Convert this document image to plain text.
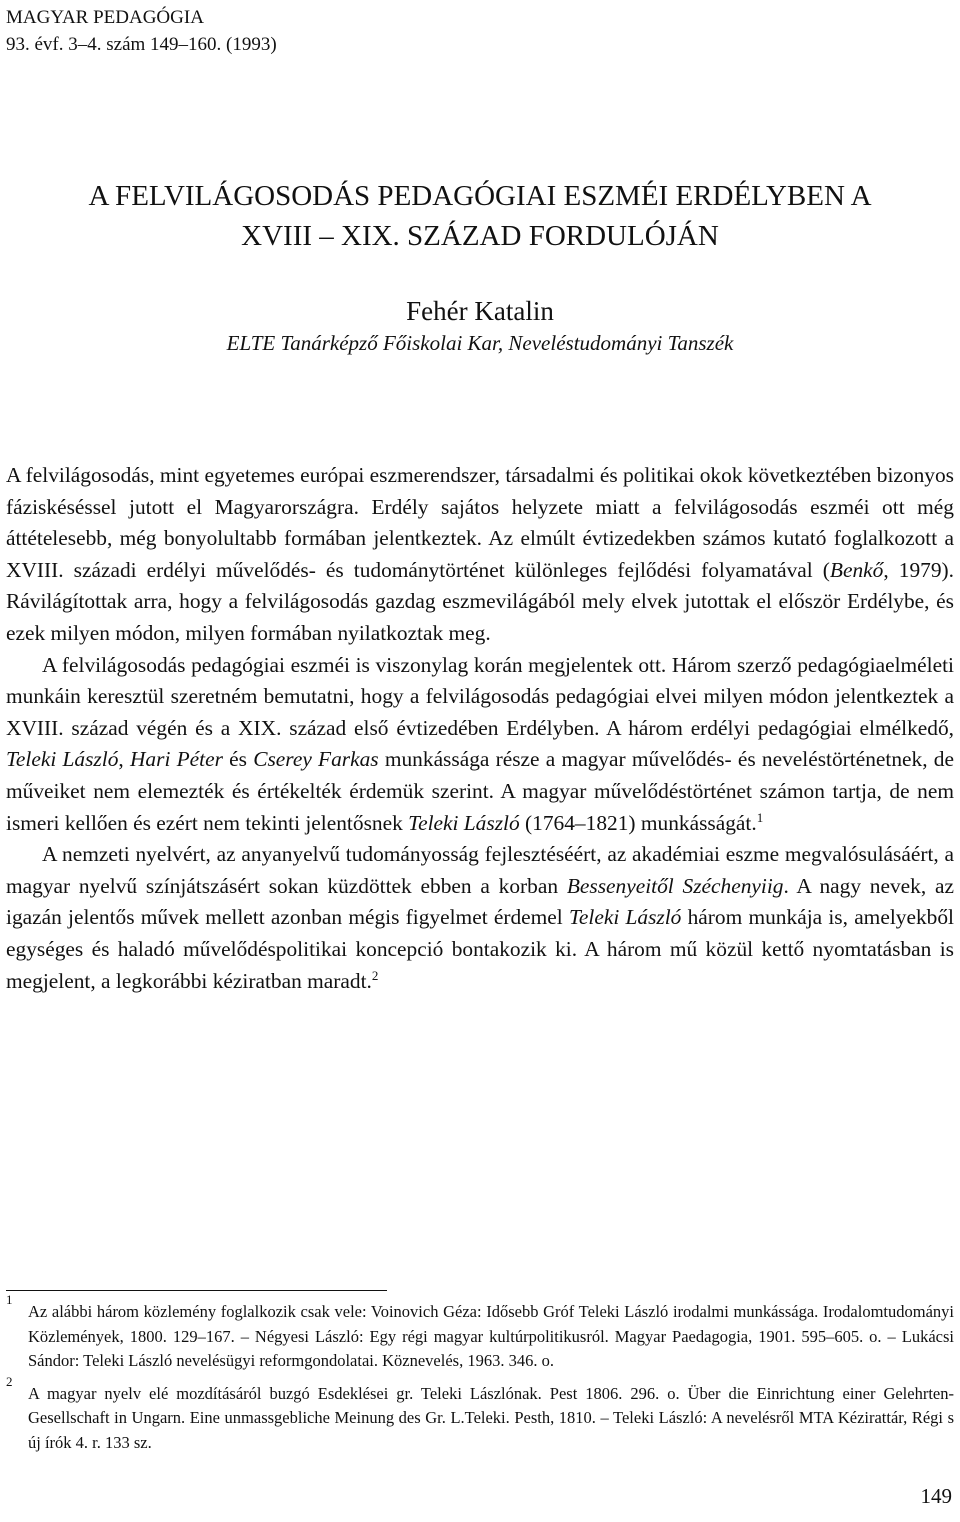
MAGYAR PEDAGÓGIA
93. évf. 3–4. szám 149–160. (1993)
A FELVILÁGOSODÁS PEDAGÓGIAI ESZMÉI ERDÉLYBEN A
XVIII – XIX. SZÁZAD FORDULÓJÁN
Fehér Katalin
ELTE Tanárképző Főiskolai Kar, Neveléstudományi Tanszék

A felvilágosodás, mint egyetemes európai eszmerendszer, társadalmi és politikai okok következtében bizonyos fáziskéséssel jutott el Magyarországra. Erdély sajátos helyzete miatt a felvilágosodás eszméi ott még áttételesebb, még bonyolultabb formában jelentkeztek. Az elmúlt évtizedekben számos kutató foglalkozott a XVIII. századi erdélyi művelődés- és tudománytörténet különleges fejlődési folyamatával (Benkő, 1979). Rávilágítottak arra, hogy a felvilágosodás gazdag eszmevilágából mely elvek jutottak el először Erdélybe, és ezek milyen módon, milyen formában nyilatkoztak meg.

A felvilágosodás pedagógiai eszméi is viszonylag korán megjelentek ott. Három szerző pedagógiaelméleti munkáin keresztül szeretném bemutatni, hogy a felvilágosodás pedagógiai elvei milyen módon jelentkeztek a XVIII. század végén és a XIX. század első évtizedében Erdélyben. A három erdélyi pedagógiai elmélkedő, Teleki László, Hari Péter és Cserey Farkas munkássága része a magyar művelődés- és neveléstörténetnek, de műveiket nem elemezték és értékelték érdemük szerint. A magyar művelődéstörténet számon tartja, de nem ismeri kellően és ezért nem tekinti jelentősnek Teleki László (1764–1821) munkásságát.$^1$

A nemzeti nyelvért, az anyanyelvű tudományosság fejlesztéséért, az akadémiai eszme megvalósulásáért, a magyar nyelvű színjátszásért sokan küzdöttek ebben a korban Bessenyeitől Széchenyiig. A nagy nevek, az igazán jelentős művek mellett azonban mégis figyelmet érdemel Teleki László három munkája is, amelyekből egységes és haladó művelődéspolitikai koncepció bontakozik ki. A három mű közül kettő nyomtatásban is megjelent, a legkorábbi kéziratban maradt.$^2$

1
Az alábbi három közlemény foglalkozik csak vele: Voinovich Géza: Idősebb Gróf Teleki László irodalmi munkássága. Irodalomtudományi Közlemények, 1800. 129–167. – Négyesi László: Egy régi magyar kultúrpolitikusról. Magyar Paedagogia, 1901. 595–605. o. – Lukácsi Sándor: Teleki László nevelésügyi reformgondolatai. Köznevelés, 1963. 346. o.
2
A magyar nyelv elé mozdításáról buzgó Esdeklései gr. Teleki Lászlónak. Pest 1806. 296. o. Über die Einrichtung einer Gelehrten-Gesellschaft in Ungarn. Eine unmassgebliche Meinung des Gr. L.Teleki. Pesth, 1810. – Teleki László: A nevelésről MTA Kézirattár, Régi s új írók 4. r. 133 sz.
149
